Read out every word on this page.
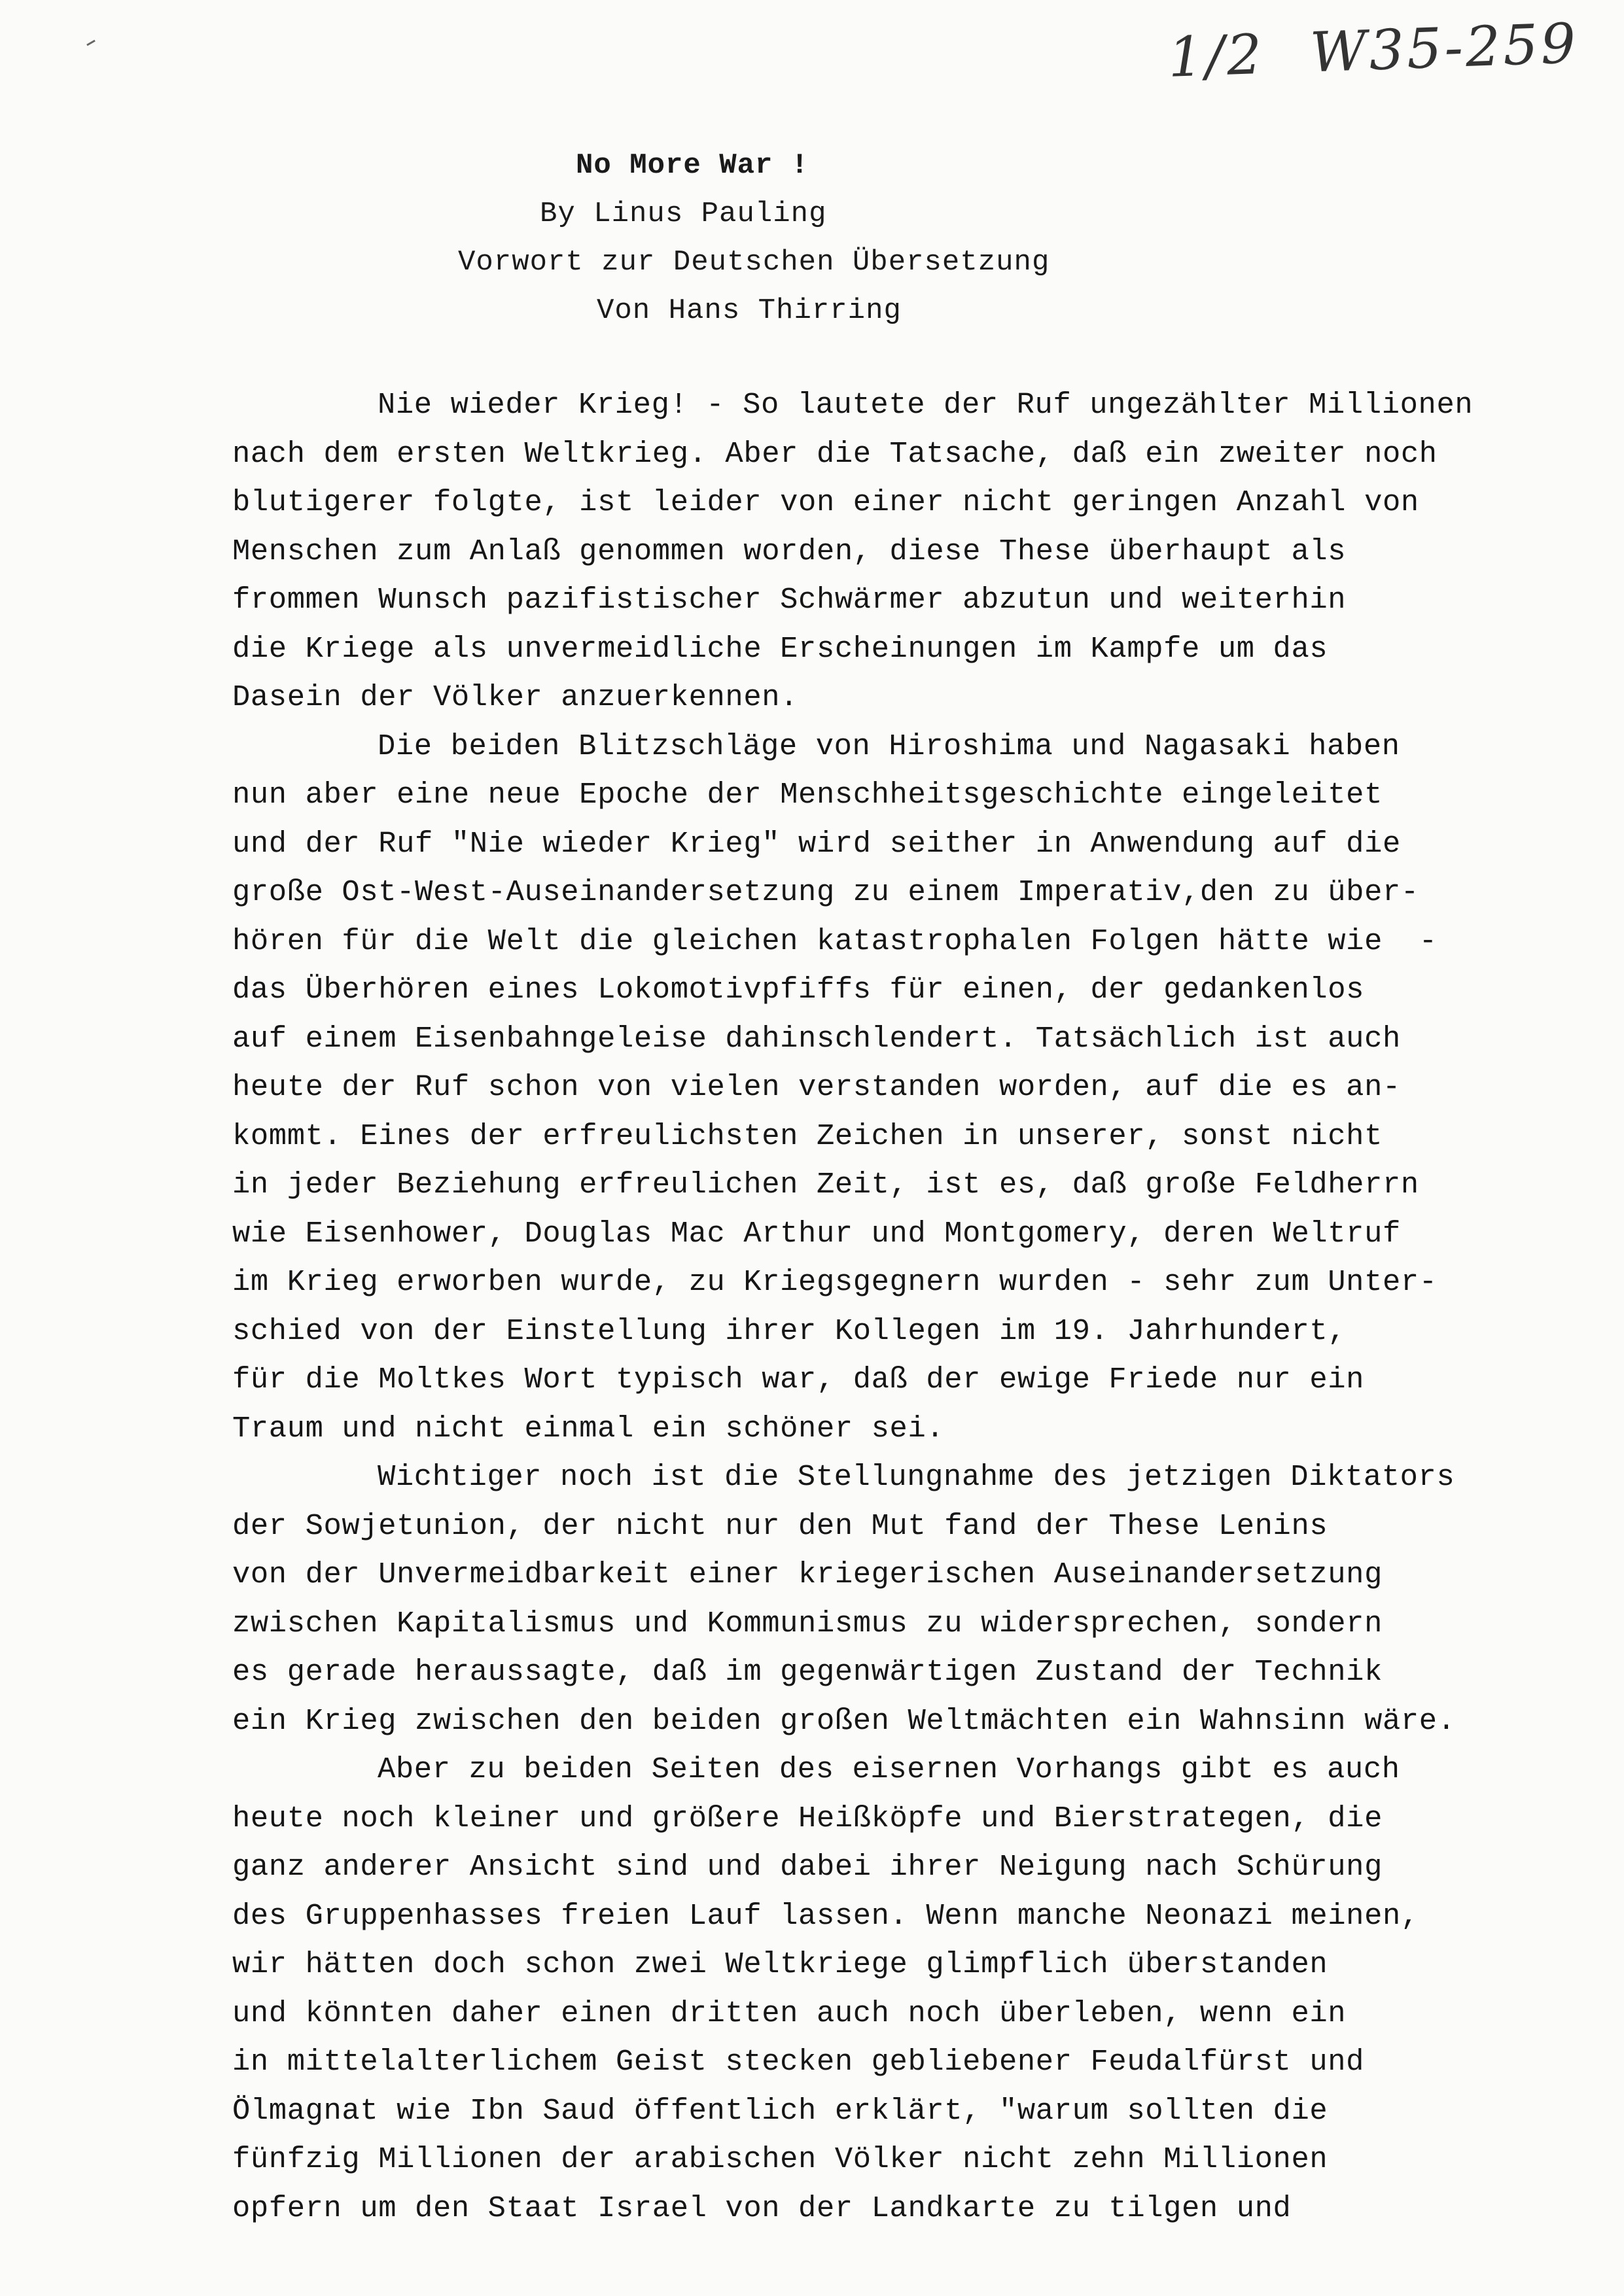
1/2 W35-259
No More War !
By Linus Pauling
Vorwort zur Deutschen Übersetzung
Von Hans Thirring
Nie wieder Krieg! - So lautete der Ruf ungezählter Millionen
nach dem ersten Weltkrieg. Aber die Tatsache, daß ein zweiter noch
blutigerer folgte, ist leider von einer nicht geringen Anzahl von
Menschen zum Anlaß genommen worden, diese These überhaupt als
frommen Wunsch pazifistischer Schwärmer abzutun und weiterhin
die Kriege als unvermeidliche Erscheinungen im Kampfe um das
Dasein der Völker anzuerkennen.
Die beiden Blitzschläge von Hiroshima und Nagasaki haben
nun aber eine neue Epoche der Menschheitsgeschichte eingeleitet
und der Ruf "Nie wieder Krieg" wird seither in Anwendung auf die
große Ost-West-Auseinandersetzung zu einem Imperativ,den zu über-
hören für die Welt die gleichen katastrophalen Folgen hätte wie  -
das Überhören eines Lokomotivpfiffs für einen, der gedankenlos
auf einem Eisenbahngeleise dahinschlendert. Tatsächlich ist auch
heute der Ruf schon von vielen verstanden worden, auf die es an-
kommt. Eines der erfreulichsten Zeichen in unserer, sonst nicht
in jeder Beziehung erfreulichen Zeit, ist es, daß große Feldherrn
wie Eisenhower, Douglas Mac Arthur und Montgomery, deren Weltruf
im Krieg erworben wurde, zu Kriegsgegnern wurden - sehr zum Unter-
schied von der Einstellung ihrer Kollegen im 19. Jahrhundert,
für die Moltkes Wort typisch war, daß der ewige Friede nur ein
Traum und nicht einmal ein schöner sei.
Wichtiger noch ist die Stellungnahme des jetzigen Diktators
der Sowjetunion, der nicht nur den Mut fand der These Lenins
von der Unvermeidbarkeit einer kriegerischen Auseinandersetzung
zwischen Kapitalismus und Kommunismus zu widersprechen, sondern
es gerade heraussagte, daß im gegenwärtigen Zustand der Technik
ein Krieg zwischen den beiden großen Weltmächten ein Wahnsinn wäre.
Aber zu beiden Seiten des eisernen Vorhangs gibt es auch
heute noch kleiner und größere Heißköpfe und Bierstrategen, die
ganz anderer Ansicht sind und dabei ihrer Neigung nach Schürung
des Gruppenhasses freien Lauf lassen. Wenn manche Neonazi meinen,
wir hätten doch schon zwei Weltkriege glimpflich überstanden
und könnten daher einen dritten auch noch überleben, wenn ein
in mittelalterlichem Geist stecken gebliebener Feudalfürst und
Ölmagnat wie Ibn Saud öffentlich erklärt, "warum sollten die
fünfzig Millionen der arabischen Völker nicht zehn Millionen
opfern um den Staat Israel von der Landkarte zu tilgen und
